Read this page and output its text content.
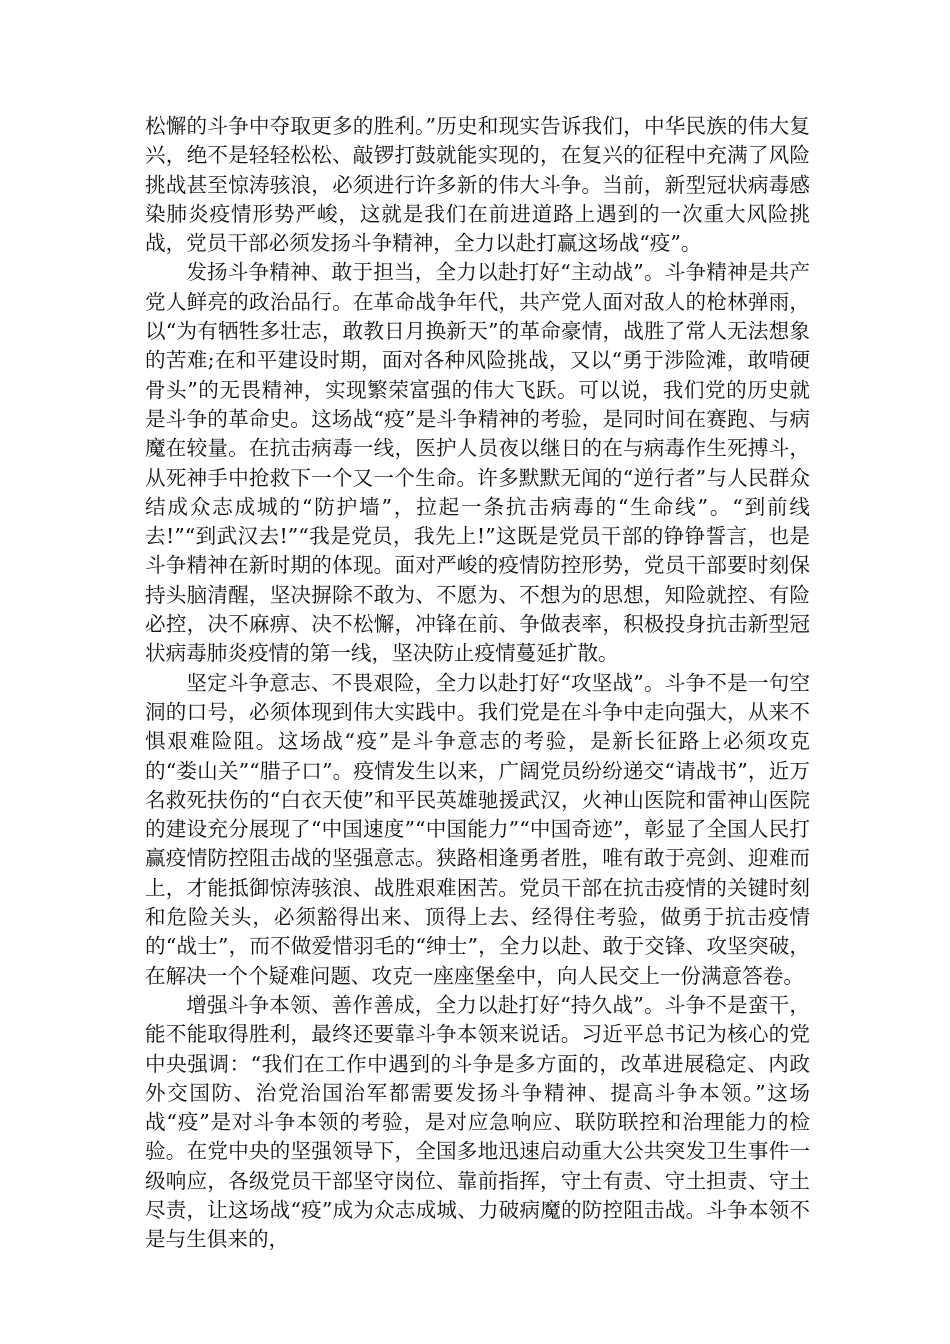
松懈的斗争中夺取更多的胜利。”历史和现实告诉我们，中华民族的伟大复兴，绝不是轻轻松松、敲锣打鼓就能实现的，在复兴的征程中充满了风险挑战甚至惊涛骇浪，必须进行许多新的伟大斗争。当前，新型冠状病毒感染肺炎疫情形势严峻，这就是我们在前进道路上遇到的一次重大风险挑战，党员干部必须发扬斗争精神，全力以赴打赢这场战“疫”。

发扬斗争精神、敢于担当，全力以赴打好“主动战”。斗争精神是共产党人鲜亮的政治品行。在革命战争年代，共产党人面对敌人的枪林弹雨，以“为有牺牲多壮志，敢教日月换新天”的革命豪情，战胜了常人无法想象的苦难;在和平建设时期，面对各种风险挑战，又以“勇于涉险滩，敢啃硬骨头”的无畏精神，实现繁荣富强的伟大飞跃。可以说，我们党的历史就是斗争的革命史。这场战“疫”是斗争精神的考验，是同时间在赛跑、与病魔在较量。在抗击病毒一线，医护人员夜以继日的在与病毒作生死搏斗，从死神手中抢救下一个又一个生命。许多默默无闻的“逆行者”与人民群众结成众志成城的“防护墙”，拉起一条抗击病毒的“生命线”。“到前线去!”“到武汉去!”“我是党员，我先上!”这既是党员干部的铮铮誓言，也是斗争精神在新时期的体现。面对严峻的疫情防控形势，党员干部要时刻保持头脑清醒，坚决摒除不敢为、不愿为、不想为的思想，知险就控、有险必控，决不麻痹、决不松懈，冲锋在前、争做表率，积极投身抗击新型冠状病毒肺炎疫情的第一线，坚决防止疫情蔓延扩散。

坚定斗争意志、不畏艰险，全力以赴打好“攻坚战”。斗争不是一句空洞的口号，必须体现到伟大实践中。我们党是在斗争中走向强大，从来不惧艰难险阻。这场战“疫”是斗争意志的考验，是新长征路上必须攻克的“娄山关”“腊子口”。疫情发生以来，广阔党员纷纷递交“请战书”，近万名救死扶伤的“白衣天使”和平民英雄驰援武汉，火神山医院和雷神山医院的建设充分展现了“中国速度”“中国能力”“中国奇迹”，彰显了全国人民打赢疫情防控阻击战的坚强意志。狭路相逢勇者胜，唯有敢于亮剑、迎难而上，才能抵御惊涛骇浪、战胜艰难困苦。党员干部在抗击疫情的关键时刻和危险关头，必须豁得出来、顶得上去、经得住考验，做勇于抗击疫情的“战士”，而不做爱惜羽毛的“绅士”，全力以赴、敢于交锋、攻坚突破，在解决一个个疑难问题、攻克一座座堡垒中，向人民交上一份满意答卷。

增强斗争本领、善作善成，全力以赴打好“持久战”。斗争不是蛮干，能不能取得胜利，最终还要靠斗争本领来说话。习近平总书记为核心的党中央强调：“我们在工作中遇到的斗争是多方面的，改革进展稳定、内政外交国防、治党治国治军都需要发扬斗争精神、提高斗争本领。”这场战“疫”是对斗争本领的考验，是对应急响应、联防联控和治理能力的检验。在党中央的坚强领导下，全国多地迅速启动重大公共突发卫生事件一级响应，各级党员干部坚守岗位、靠前指挥，守土有责、守土担责、守土尽责，让这场战“疫”成为众志成城、力破病魔的防控阻击战。斗争本领不是与生俱来的，
